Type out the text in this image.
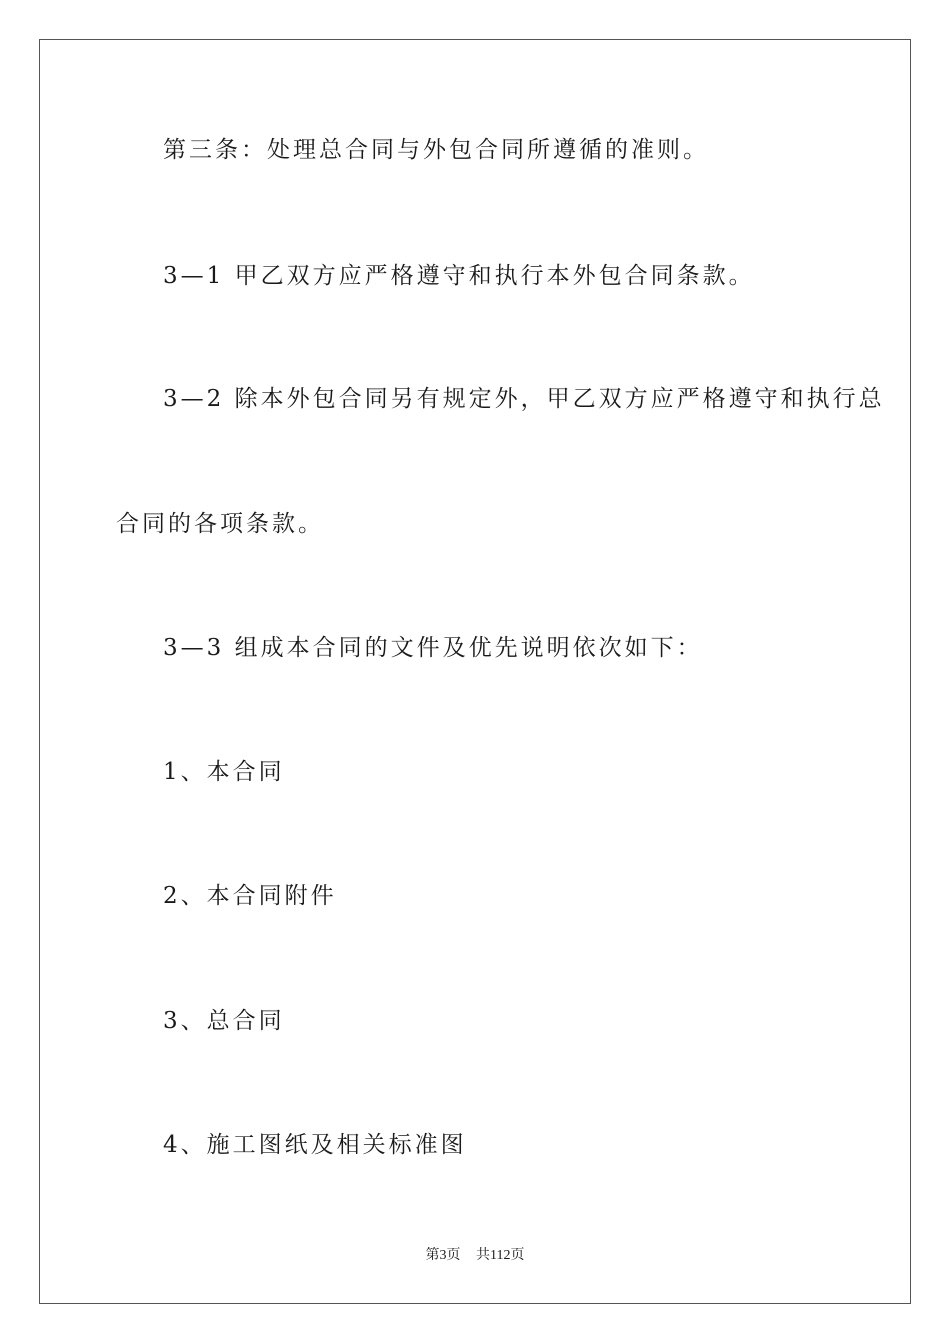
第三条：处理总合同与外包合同所遵循的准则。
3—1 甲乙双方应严格遵守和执行本外包合同条款。
3—2 除本外包合同另有规定外，甲乙双方应严格遵守和执行总
合同的各项条款。
3—3 组成本合同的文件及优先说明依次如下：
1、本合同
2、本合同附件
3、总合同
4、施工图纸及相关标准图
第3页 共112页
